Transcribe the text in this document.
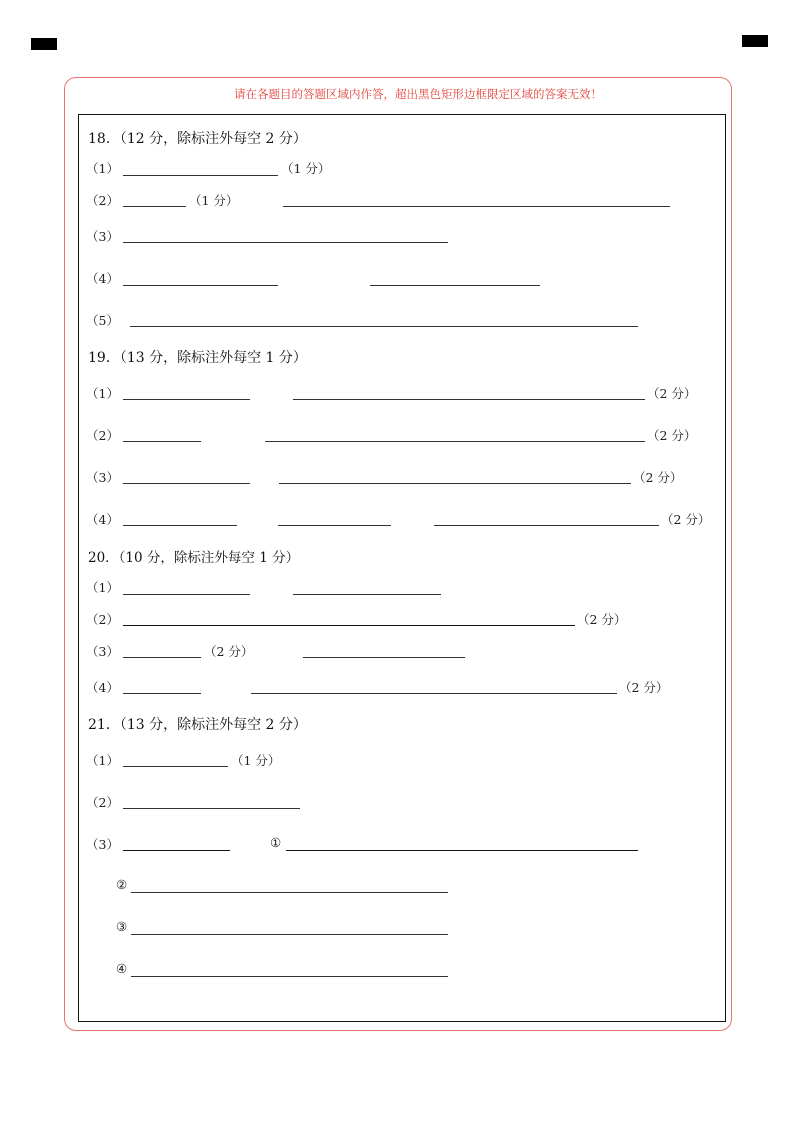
请在各题目的答题区域内作答，超出黑色矩形边框限定区域的答案无效！
18．（12 分，除标注外每空 2 分）
（1）	（1 分）
（2）	（1 分）
（3）
（4）
（5）
19．（13 分，除标注外每空 1 分）
（1）	（2 分）
（2）	（2 分）
（3）	（2 分）
（4）	（2 分）
20．（10 分，除标注外每空 1 分）
（1）
（2）	（2 分）
（3）	（2 分）
（4）	（2 分）
21．（13 分，除标注外每空 2 分）
（1）	（1 分）
（2）
（3）	①
②
③
④
